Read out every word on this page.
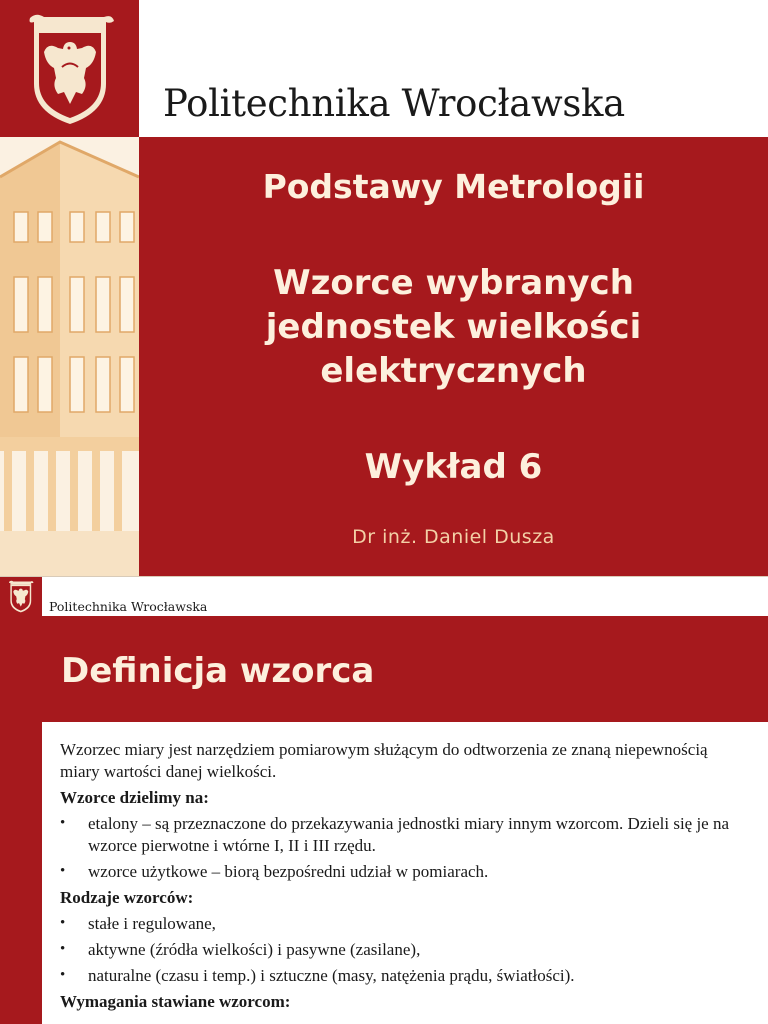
Politechnika Wrocławska
Podstawy Metrologii
Wzorce wybranych
jednostek wielkości
elektrycznych
Wykład 6
Dr inż. Daniel Dusza
Politechnika Wrocławska
Definicja wzorca

Wzorzec miary jest narzędziem pomiarowym służącym do odtworzenia ze znaną niepewnością miary wartości danej wielkości.

Wzorce dzielimy na:

• etalony – są przeznaczone do przekazywania jednostki miary innym wzorcom. Dzieli się je na wzorce pierwotne i wtórne I, II i III rzędu.
• wzorce użytkowe – biorą bezpośredni udział w pomiarach.

Rodzaje wzorców:

• stałe i regulowane,
• aktywne (źródła wielkości) i pasywne (zasilane),
• naturalne (czasu i temp.) i sztuczne (masy, natężenia prądu, światłości).

Wymagania stawiane wzorcom:
